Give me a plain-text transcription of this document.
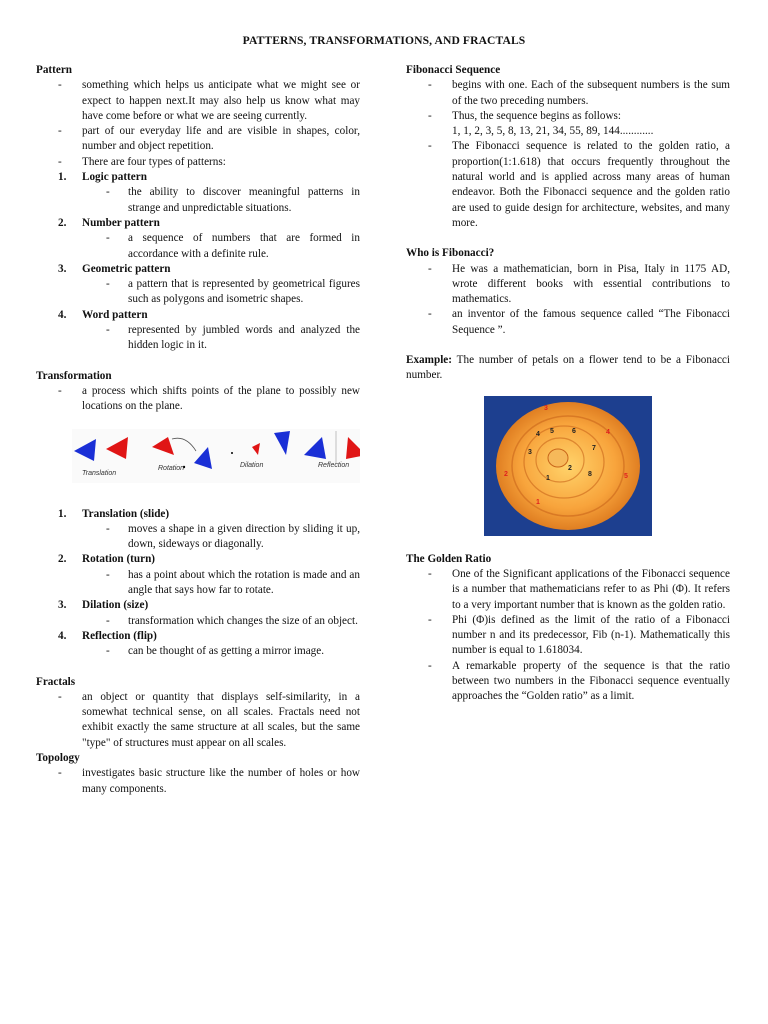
PATTERNS, TRANSFORMATIONS, AND FRACTALS
Pattern
- something which helps us anticipate what we might see or expect to happen next.It may also help us know what may have come before or what we are seeing currently.
- part of our everyday life and are visible in shapes, color, number and object repetition.
- There are four types of patterns:
1. Logic pattern
- the ability to discover meaningful patterns in strange and unpredictable situations.
2. Number pattern
- a sequence of numbers that are formed in accordance with a definite rule.
3. Geometric pattern
- a pattern that is represented by geometrical figures such as polygons and isometric shapes.
4. Word pattern
- represented by jumbled words and analyzed the hidden logic in it.
Transformation
- a process which shifts points of the plane to possibly new locations on the plane.
Translation
Rotation	Dilation	Reflection
1. Translation (slide)
- moves a shape in a given direction by sliding it up, down, sideways or diagonally.
2. Rotation (turn)
- has a point about which the rotation is made and an angle that says how far to rotate.
3. Dilation (size)
- transformation which changes the size of an object.
4. Reflection (flip)
- can be thought of as getting a mirror image.
Fractals
- an object or quantity that displays self-similarity, in a somewhat technical sense, on all scales. Fractals need not exhibit exactly the same structure at all scales, but the same "type" of structures must appear on all scales.
Topology
- investigates basic structure like the number of holes or how many components.
Fibonacci Sequence
- begins with one. Each of the subsequent numbers is the sum of the two preceding numbers.
- Thus, the sequence begins as follows:
1, 1, 2, 3, 5, 8, 13, 21, 34, 55, 89, 144............
- The Fibonacci sequence is related to the golden ratio, a proportion(1:1.618) that occurs frequently throughout the natural world and is applied across many areas of human endeavor. Both the Fibonacci sequence and the golden ratio are used to guide design for architecture, websites, and many more.
Who is Fibonacci?
- He was a mathematician, born in Pisa, Italy in 1175 AD, wrote different books with essential contributions to mathematics.
- an inventor of the famous sequence called “The Fibonacci Sequence ”.
Example: The number of petals on a flower tend to be a Fibonacci number.
1
2
3
4 5	6
7
8
3
4
5
2
1
The Golden Ratio
- One of the Significant applications of the Fibonacci sequence is a number that mathematicians refer to as Phi (Φ). It refers to a very important number that is known as the golden ratio.
- Phi (Φ)is defined as the limit of the ratio of a Fibonacci number n and its predecessor, Fib (n-1). Mathematically this number is equal to 1.618034.
- A remarkable property of the sequence is that the ratio between two numbers in the Fibonacci sequence eventually approaches the “Golden ratio” as a limit.
